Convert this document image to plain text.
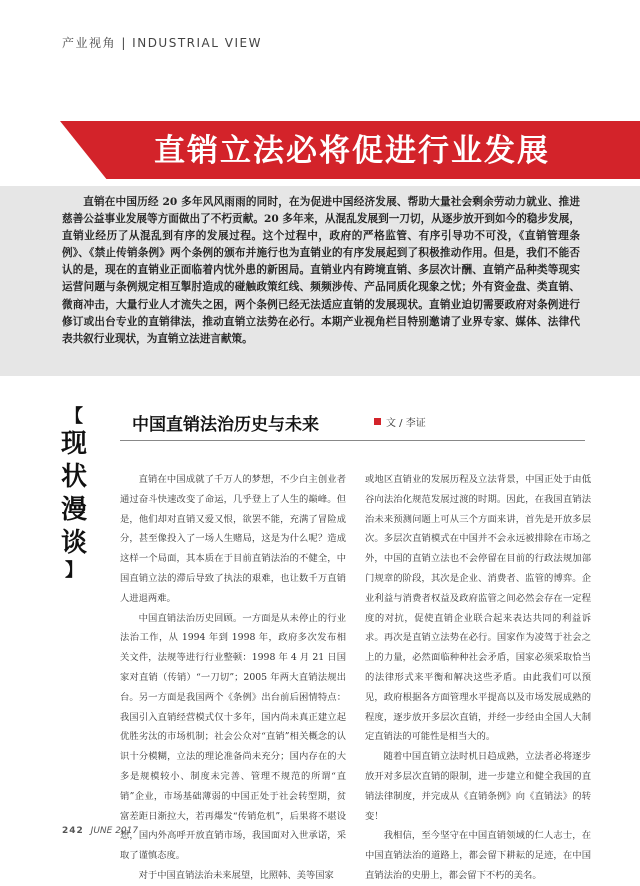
产业视角 | INDUSTRIAL VIEW
直销立法必将促进行业发展

直销在中国历经 20 多年风风雨雨的同时，在为促进中国经济发展、帮助大量社会剩余劳动力就业、推进慈善公益事业发展等方面做出了不朽贡献。20 多年来，从混乱发展到一刀切，从逐步放开到如今的稳步发展，直销业经历了从混乱到有序的发展过程。这个过程中，政府的严格监管、有序引导功不可没，《直销管理条例》、《禁止传销条例》两个条例的颁布并施行也为直销业的有序发展起到了积极推动作用。但是，我们不能否认的是，现在的直销业正面临着内忧外患的新困局。直销业内有跨境直销、多层次计酬、直销产品种类等现实运营问题与条例规定相互掣肘造成的碰触政策红线、频频涉传、产品同质化现象之忧；外有资金盘、类直销、微商冲击，大量行业人才流失之困，两个条例已经无法适应直销的发展现状。直销业迫切需要政府对条例进行修订或出台专业的直销律法，推动直销立法势在必行。本期产业视角栏目特别邀请了业界专家、媒体、法律代表共叙行业现状，为直销立法进言献策。

【
现状漫谈
】
中国直销法治历史与未来	文 / 李证

直销在中国成就了千万人的梦想，不少白主创业者通过奋斗快速改变了命运，几乎登上了人生的巅峰。但是，他们却对直销又爱又恨，欲罢不能，充满了冒险成分，甚至像投入了一场人生赌局，这是为什么呢？造成这样一个局面，其本质在于目前直销法治的不健全，中国直销立法的滞后导致了执法的艰难，也让数千万直销人进退两难。

中国直销法治历史回顾。一方面是从未停止的行业法治工作，从 1994 年到 1998 年，政府多次发布相关文件，法规等进行行业整顿：1998 年 4 月 21 日国家对直销（传销）“一刀切”；2005 年两大直销法规出台。另一方面是我国两个《条例》出台前后困情特点：我国引入直销经营模式仅十多年，国内尚未真正建立起优胜劣汰的市场机制；社会公众对“直销”相关概念的认识十分模糊，立法的理论准备尚未充分；国内存在的大多是规模较小、制度未完善、管理不规范的所谓“直销”企业，市场基础薄弱的中国正处于社会转型期，贫富差距日渐拉大，若再爆发“传销危机”，后果将不堪设想，国内外高呼开放直销市场，我国面对入世承诺，采取了谨慎态度。

对于中国直销法治未来展望，比照韩、美等国家

或地区直销业的发展历程及立法背景，中国正处于由低谷向法治化规范发展过渡的时期。因此，在我国直销法治未来预测问题上可从三个方面来讲，首先是开放多层次。多层次直销模式在中国并不会永远被排除在市场之外，中国的直销立法也不会停留在目前的行政法规加部门规章的阶段，其次是企业、消费者、监管的博弈。企业利益与消费者权益及政府监管之间必然会存在一定程度的对抗，促使直销企业联合起来表达共同的利益诉求。再次是直销立法势在必行。国家作为凌驾于社会之上的力量，必然面临种种社会矛盾，国家必须采取恰当的法律形式来平衡和解决这些矛盾。由此我们可以预见，政府根据各方面管理水平提高以及市场发展成熟的程度，逐步放开多层次直销，并经一步经由全国人大制定直销法的可能性是相当大的。

随着中国直销立法时机日趋成熟，立法者必将逐步放开对多层次直销的限制，进一步建立和健全我国的直销法律制度，并完成从《直销条例》向《直销法》的转变！

我相信，至今坚守在中国直销领域的仁人志士，在中国直销法治的道路上，都会留下耕耘的足迹，在中国直销法治的史册上，都会留下不朽的美名。

242 JUNE 2017
